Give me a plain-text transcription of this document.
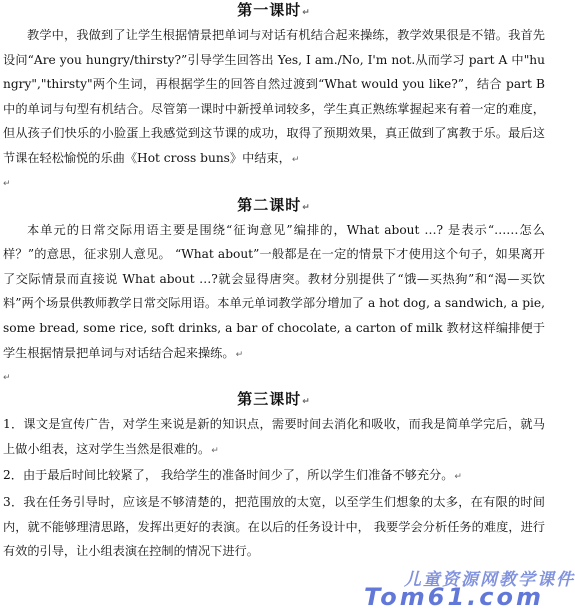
第一课时↵

教学中，我做到了让学生根据情景把单词与对话有机结合起来操练，教学效果很是不错。我首先设问“Are you hungry/thirsty?”引导学生回答出 Yes, I am./No, I'm not.从而学习 part A 中"hungry","thirsty"两个生词，再根据学生的回答自然过渡到“What would you like?”，结合 part B 中的单词与句型有机结合。尽管第一课时中新授单词较多，学生真正熟练掌握起来有着一定的难度，但从孩子们快乐的小脸蛋上我感觉到这节课的成功，取得了预期效果，真正做到了寓教于乐。最后这节课在轻松愉悦的乐曲《Hot cross buns》中结束，↵

↵
第二课时↵

本单元的日常交际用语主要是围绕“征询意见”编排的，What about …? 是表示“……怎么样？”的意思，征求别人意见。 “What about”一般都是在一定的情景下才使用这个句子，如果离开了交际情景而直接说 What about …?就会显得唐突。教材分别提供了“饿—买热狗”和“渴—买饮料”两个场景供教师教学日常交际用语。本单元单词教学部分增加了 a hot dog, a sandwich, a pie, some bread, some rice, soft drinks, a bar of chocolate, a carton of milk 教材这样编排便于学生根据情景把单词与对话结合起来操练。↵

↵
第三课时↵

1．课文是宣传广告，对学生来说是新的知识点，需要时间去消化和吸收，而我是简单学完后，就马上做小组表，这对学生当然是很难的。↵

2．由于最后时间比较紧了， 我给学生的准备时间少了，所以学生们准备不够充分。↵

3．我在任务引导时，应该是不够清楚的，把范围放的太宽，以至学生们想象的太多，在有限的时间内，就不能够理清思路，发挥出更好的表演。在以后的任务设计中， 我要学会分析任务的难度，进行有效的引导，让小组表演在控制的情况下进行。

儿童资源网教学课件
Tom61.com
